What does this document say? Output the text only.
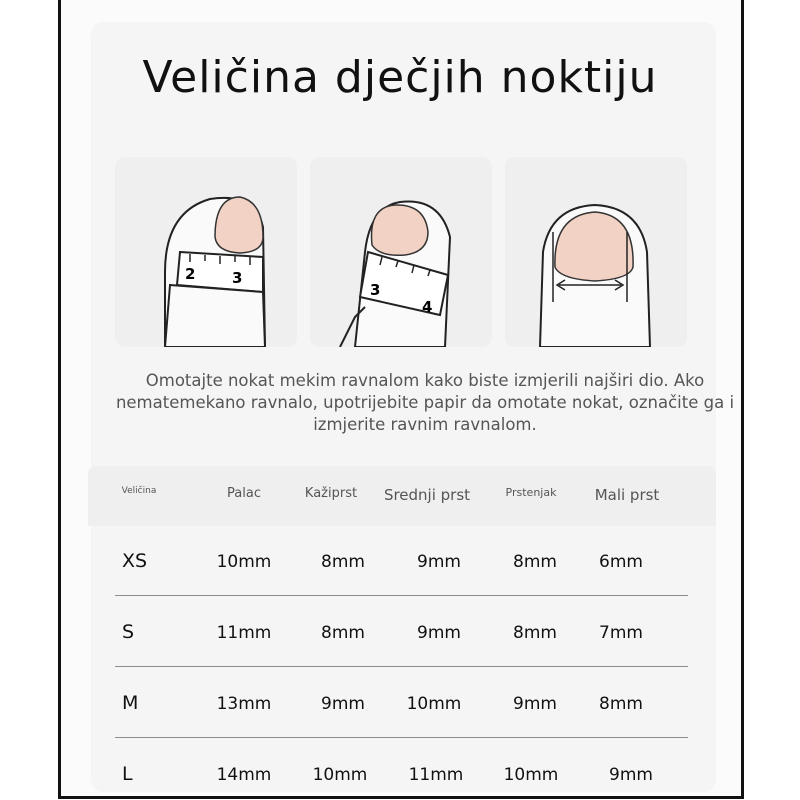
Veličina dječjih noktiju
2 3
3
4
Omotajte nokat mekim ravnalom kako biste izmjerili najširi dio. Ako nematemekano ravnalo, upotrijebite papir da omotate nokat, označite ga i izmjerite ravnim ravnalom.
Veličina	Palac	Kažiprst Srednji prst	Prstenjak	Mali prst
XS	10mm	8mm	9mm	8mm 6mm
S	11mm	8mm	9mm	8mm 7mm
M	13mm	9mm 10mm	9mm 8mm
L	14mm 10mm 11mm 10mm	9mm
